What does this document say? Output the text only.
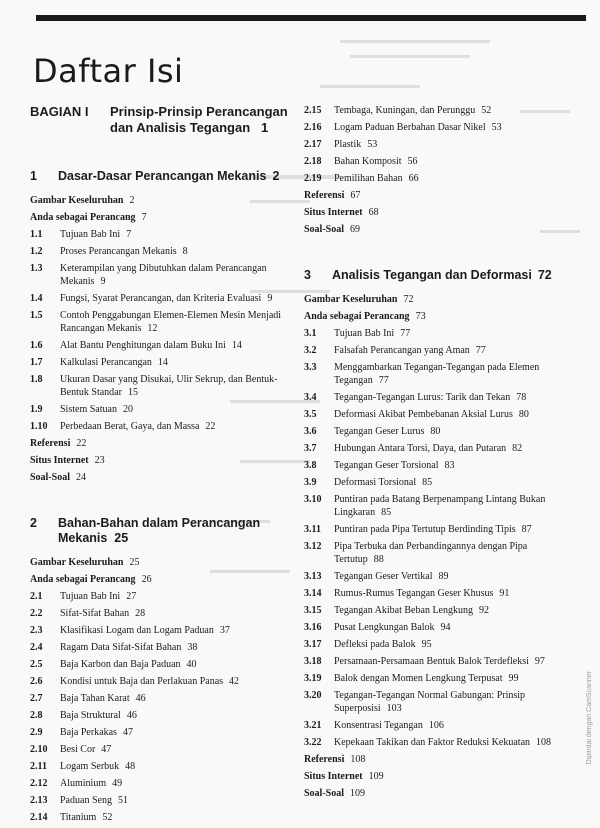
Daftar Isi
BAGIAN I	Prinsip-Prinsip Perancangan
dan Analisis Tegangan 1
1	Dasar-Dasar Perancangan Mekanis 2
Gambar Keseluruhan 2
Anda sebagai Perancang 7
1.1	Tujuan Bab Ini 7
1.2	Proses Perancangan Mekanis 8
1.3	Keterampilan yang Dibutuhkan dalam Perancangan Mekanis 9
1.4	Fungsi, Syarat Perancangan, dan Kriteria Evaluasi 9
1.5	Contoh Penggabungan Elemen-Elemen Mesin Menjadi Rancangan Mekanis 12
1.6	Alat Bantu Penghitungan dalam Buku Ini 14
1.7	Kalkulasi Perancangan 14
1.8	Ukuran Dasar yang Disukai, Ulir Sekrup, dan Bentuk-Bentuk Standar 15
1.9	Sistem Satuan 20
1.10	Perbedaan Berat, Gaya, dan Massa 22
Referensi 22
Situs Internet 23
Soal-Soal 24
2	Bahan-Bahan dalam Perancangan
Mekanis 25
Gambar Keseluruhan 25
Anda sebagai Perancang 26
2.1	Tujuan Bab Ini 27
2.2	Sifat-Sifat Bahan 28
2.3	Klasifikasi Logam dan Logam Paduan 37
2.4	Ragam Data Sifat-Sifat Bahan 38
2.5	Baja Karbon dan Baja Paduan 40
2.6	Kondisi untuk Baja dan Perlakuan Panas 42
2.7	Baja Tahan Karat 46
2.8	Baja Struktural 46
2.9	Baja Perkakas 47
2.10	Besi Cor 47
2.11	Logam Serbuk 48
2.12	Aluminium 49
2.13	Paduan Seng 51
2.14	Titanium 52
2.15	Tembaga, Kuningan, dan Perunggu 52
2.16	Logam Paduan Berbahan Dasar Nikel 53
2.17	Plastik 53
2.18	Bahan Komposit 56
2.19	Pemilihan Bahan 66
Referensi 67
Situs Internet 68
Soal-Soal 69
3	Analisis Tegangan dan Deformasi 72
Gambar Keseluruhan 72
Anda sebagai Perancang 73
3.1	Tujuan Bab Ini 77
3.2	Falsafah Perancangan yang Aman 77
3.3	Menggambarkan Tegangan-Tegangan pada Elemen Tegangan 77
3.4	Tegangan-Tegangan Lurus: Tarik dan Tekan 78
3.5	Deformasi Akibat Pembebanan Aksial Lurus 80
3.6	Tegangan Geser Lurus 80
3.7	Hubungan Antara Torsi, Daya, dan Putaran 82
3.8	Tegangan Geser Torsional 83
3.9	Deformasi Torsional 85
3.10	Puntiran pada Batang Berpenampang Lintang Bukan Lingkaran 85
3.11	Puntiran pada Pipa Tertutup Berdinding Tipis 87
3.12	Pipa Terbuka dan Perbandingannya dengan Pipa Tertutup 88
3.13	Tegangan Geser Vertikal 89
3.14	Rumus-Rumus Tegangan Geser Khusus 91
3.15	Tegangan Akibat Beban Lengkung 92
3.16	Pusat Lengkungan Balok 94
3.17	Defleksi pada Balok 95
3.18	Persamaan-Persamaan Bentuk Balok Terdefleksi 97
3.19	Balok dengan Momen Lengkung Terpusat 99
3.20	Tegangan-Tegangan Normal Gabungan: Prinsip Superposisi 103
3.21	Konsentrasi Tegangan 106
3.22	Kepekaan Takikan dan Faktor Reduksi Kekuatan 108
Referensi 108
Situs Internet 109
Soal-Soal 109
Dipindai dengan CamScanner
